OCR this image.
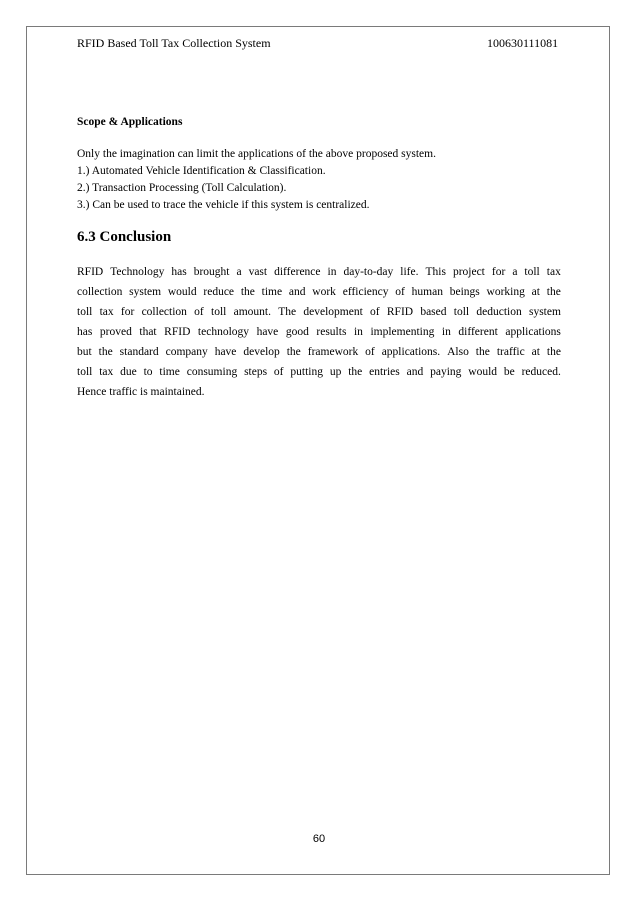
RFID Based Toll Tax Collection System	100630111081
Scope & Applications
Only the imagination can limit the applications of the above proposed system.
1.) Automated Vehicle Identification & Classification.
2.) Transaction Processing (Toll Calculation).
3.) Can be used to trace the vehicle if this system is centralized.
6.3 Conclusion
RFID Technology has brought a vast difference in day-to-day life. This project for a toll tax
collection system would reduce the time and work efficiency of human beings working at the
toll tax for collection of toll amount. The development of RFID based toll deduction system
has proved that RFID technology have good results in implementing in different applications
but the standard company have develop the framework of applications. Also the traffic at the
toll tax due to time consuming steps of putting up the entries and paying would be reduced.
Hence traffic is maintained.
60
